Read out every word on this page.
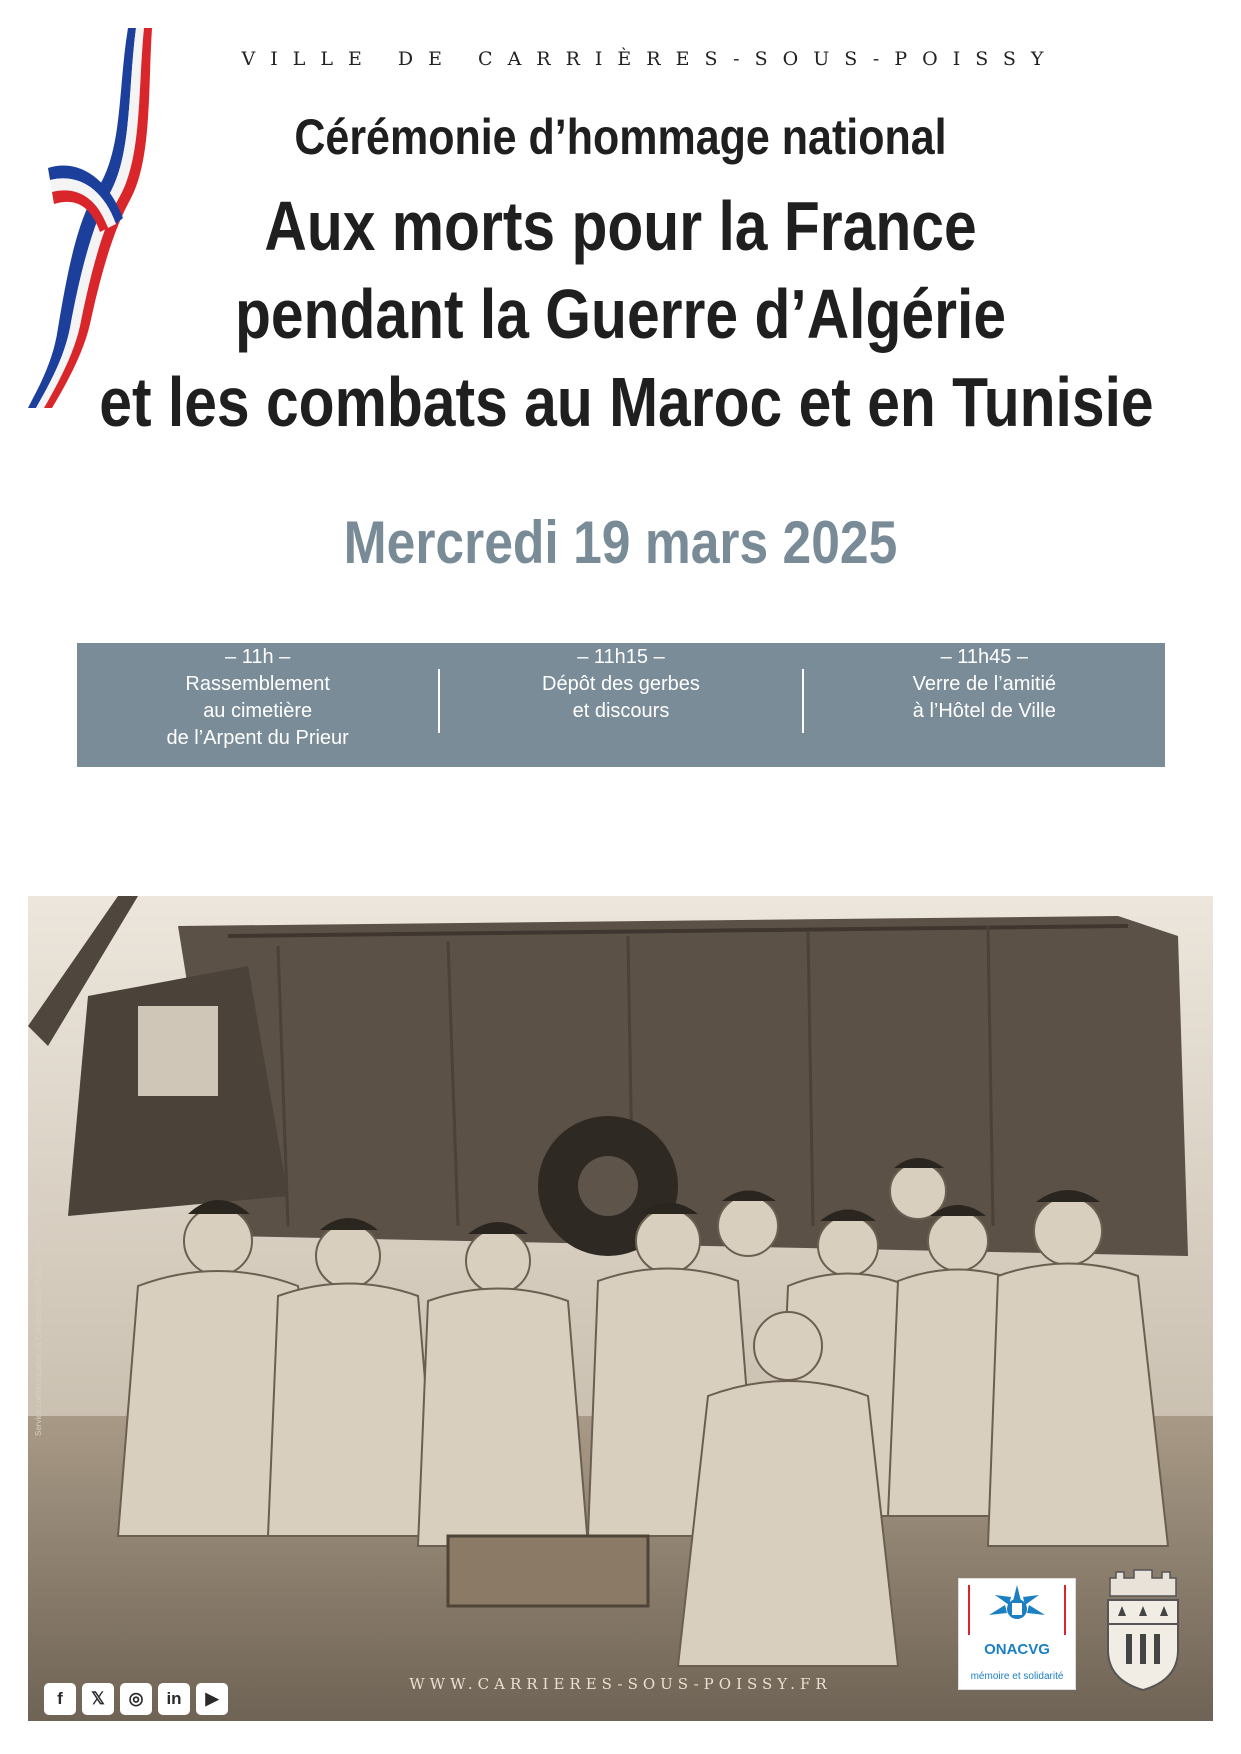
VILLE DE CARRIÈRES-SOUS-POISSY
Cérémonie d’hommage national
Aux morts pour la France
pendant la Guerre d’Algérie
et les combats au Maroc et en Tunisie
Mercredi 19 mars 2025
– 11h –
Rassemblement
au cimetière
de l’Arpent du Prieur
– 11h15 –
Dépôt des gerbes
et discours
– 11h45 –
Verre de l’amitié
à l’Hôtel de Ville
Service communication de Carrières-sous-Poissy – 2025 • 01 39 22 36 00
f	𝕏	◎	in	▶
WWW.CARRIERES-SOUS-POISSY.FR
ONACVG
mémoire et solidarité
